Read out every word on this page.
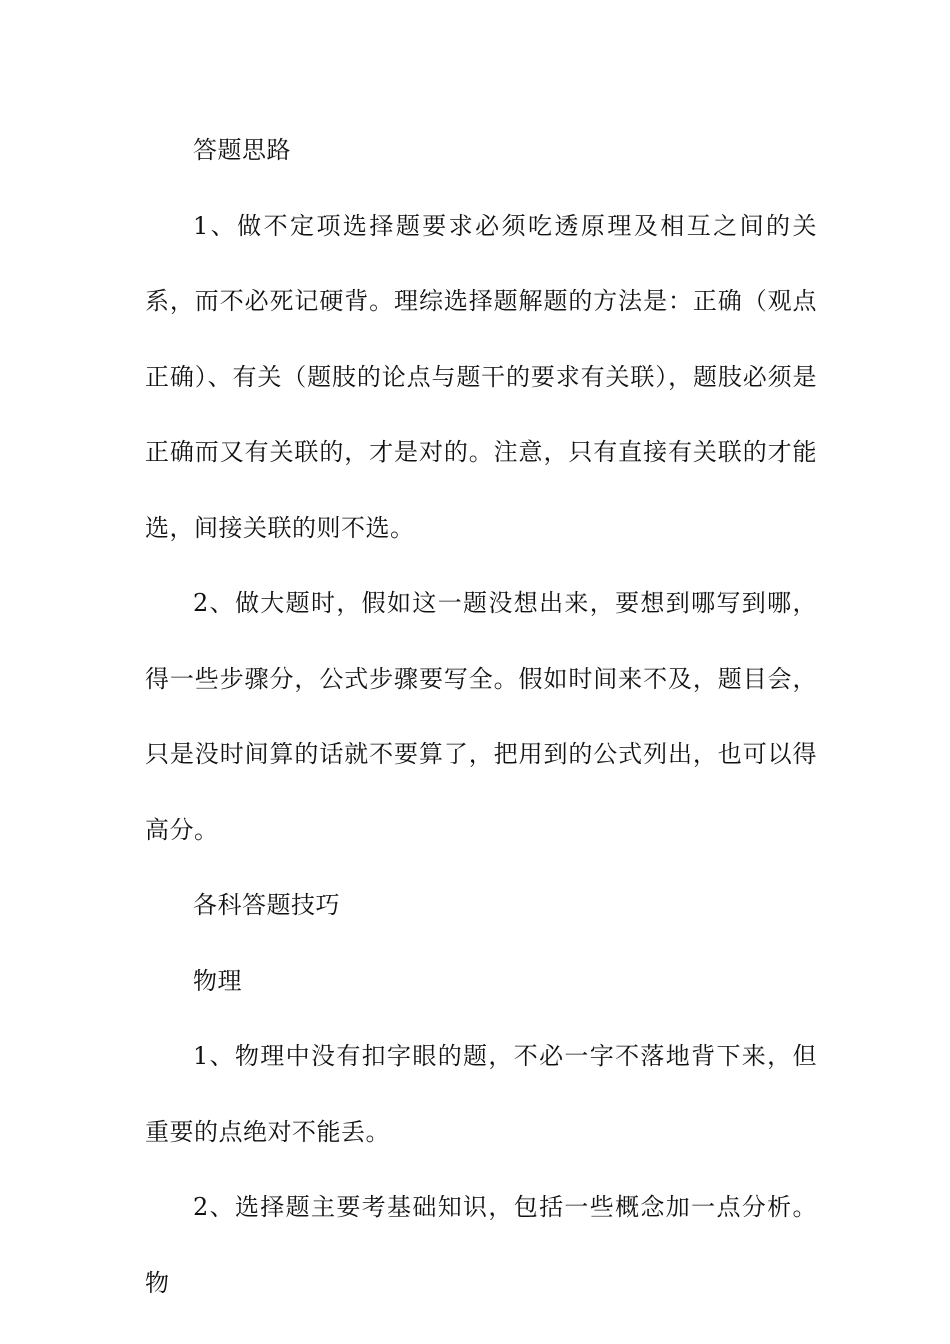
答题思路

1、做不定项选择题要求必须吃透原理及相互之间的关系，而不必死记硬背。理综选择题解题的方法是：正确（观点正确）、有关（题肢的论点与题干的要求有关联），题肢必须是正确而又有关联的，才是对的。注意，只有直接有关联的才能选，间接关联的则不选。

2、做大题时，假如这一题没想出来，要想到哪写到哪，得一些步骤分，公式步骤要写全。假如时间来不及，题目会，只是没时间算的话就不要算了，把用到的公式列出，也可以得高分。

各科答题技巧

物理

1、物理中没有扣字眼的题，不必一字不落地背下来，但重要的点绝对不能丢。

2、选择题主要考基础知识，包括一些概念加一点分析。物
